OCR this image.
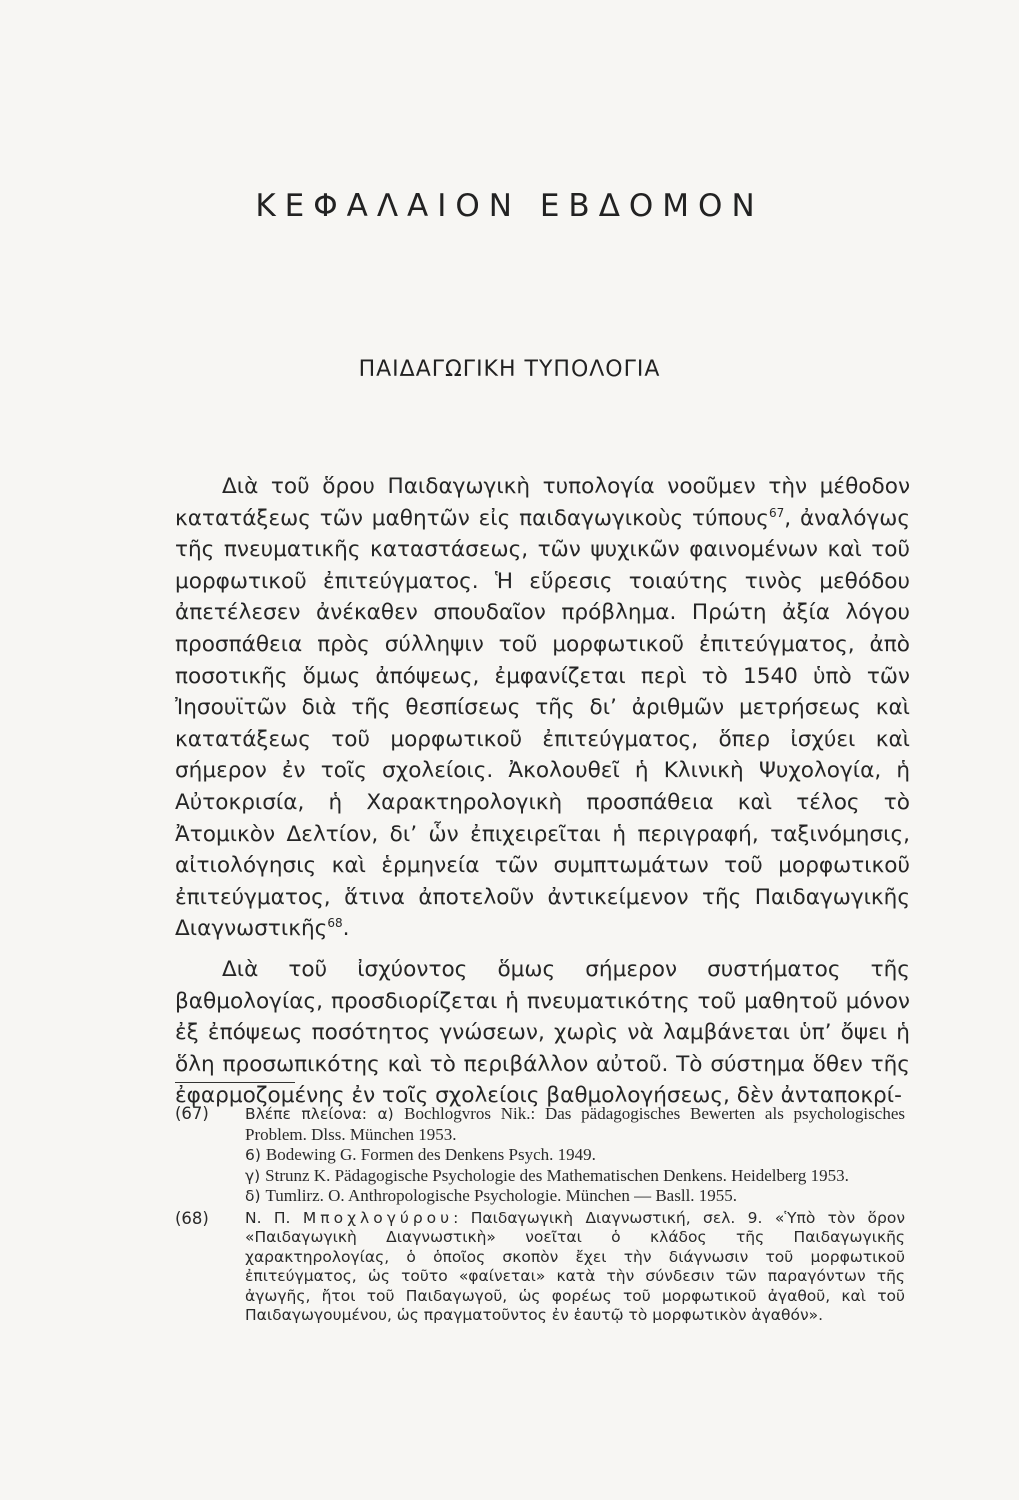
ΚΕΦΑΛΑΙΟΝ ΕΒΔΟΜΟΝ
ΠΑΙΔΑΓΩΓΙΚΗ ΤΥΠΟΛΟΓΙΑ

Διὰ τοῦ ὅρου Παιδαγωγικὴ τυπολογία νοοῦμεν τὴν μέθοδον κατατάξεως τῶν μαθητῶν εἰς παιδαγωγικοὺς τύπους$^{67}$, ἀναλόγως τῆς πνευματικῆς καταστάσεως, τῶν ψυχικῶν φαινομένων καὶ τοῦ μορφωτικοῦ ἐπιτεύγματος. Ἡ εὕρεσις τοιαύτης τινὸς μεθόδου ἀπετέλεσεν ἀνέκαθεν σπουδαῖον πρόβλημα. Πρώτη ἀξία λόγου προσπάθεια πρὸς σύλληψιν τοῦ μορφωτικοῦ ἐπιτεύγματος, ἀπὸ ποσοτικῆς ὅμως ἀπόψεως, ἐμφανίζεται περὶ τὸ 1540 ὑπὸ τῶν Ἰησουϊτῶν διὰ τῆς θεσπίσεως τῆς δι’ ἀριθμῶν μετρήσεως καὶ κατατάξεως τοῦ μορφωτικοῦ ἐπιτεύγματος, ὅπερ ἰσχύει καὶ σήμερον ἐν τοῖς σχολείοις. Ἀκολουθεῖ ἡ Κλινικὴ Ψυχολογία, ἡ Αὐτοκρισία, ἡ Χαρακτηρολογικὴ προσπάθεια καὶ τέλος τὸ Ἀτομικὸν Δελτίον, δι’ ὧν ἐπιχειρεῖται ἡ περιγραφή, ταξινόμησις, αἰτιολόγησις καὶ ἑρμηνεία τῶν συμπτωμάτων τοῦ μορφωτικοῦ ἐπιτεύγματος, ἅτινα ἀποτελοῦν ἀντικείμενον τῆς Παιδαγωγικῆς Διαγνωστικῆς$^{68}$.

Διὰ τοῦ ἰσχύοντος ὅμως σήμερον συστήματος τῆς βαθμολογίας, προσδιορίζεται ἡ πνευματικότης τοῦ μαθητοῦ μόνον ἐξ ἐπόψεως ποσότητος γνώσεων, χωρὶς νὰ λαμβάνεται ὑπ’ ὄψει ἡ ὅλη προσωπικότης καὶ τὸ περιβάλλον αὐτοῦ. Τὸ σύστημα ὅθεν τῆς ἐφαρμοζομένης ἐν τοῖς σχολείοις βαθμολογήσεως, δὲν ἀνταποκρί-

(67)	Βλέπε πλείονα: α) Bochlogvros Nik.: Das pädagogisches Bewerten als psychologisches Problem. Dlss. München 1953.
6) Bodewing G. Formen des Denkens Psych. 1949.
γ) Strunz K. Pädagogische Psychologie des Mathematischen Denkens. Heidelberg 1953.
δ) Tumlirz. O. Anthropologische Psychologie. München — Basll. 1955.
(68)	Ν. Π. Μποχλογύρου: Παιδαγωγικὴ Διαγνωστική, σελ. 9. «Ὑπὸ τὸν ὅρον «Παιδαγωγικὴ Διαγνωστικὴ» νοεῖται ὁ κλάδος τῆς Παιδαγωγικῆς χαρακτηρολογίας, ὁ ὁποῖος σκοπὸν ἔχει τὴν διάγνωσιν τοῦ μορφωτικοῦ ἐπιτεύγματος, ὡς τοῦτο «φαίνεται» κατὰ τὴν σύνδεσιν τῶν παραγόντων τῆς ἀγωγῆς, ἤτοι τοῦ Παιδαγωγοῦ, ὡς φορέως τοῦ μορφωτικοῦ ἀγαθοῦ, καὶ τοῦ Παιδαγωγουμένου, ὡς πραγματοῦντος ἐν ἑαυτῷ τὸ μορφωτικὸν ἀγαθόν».
